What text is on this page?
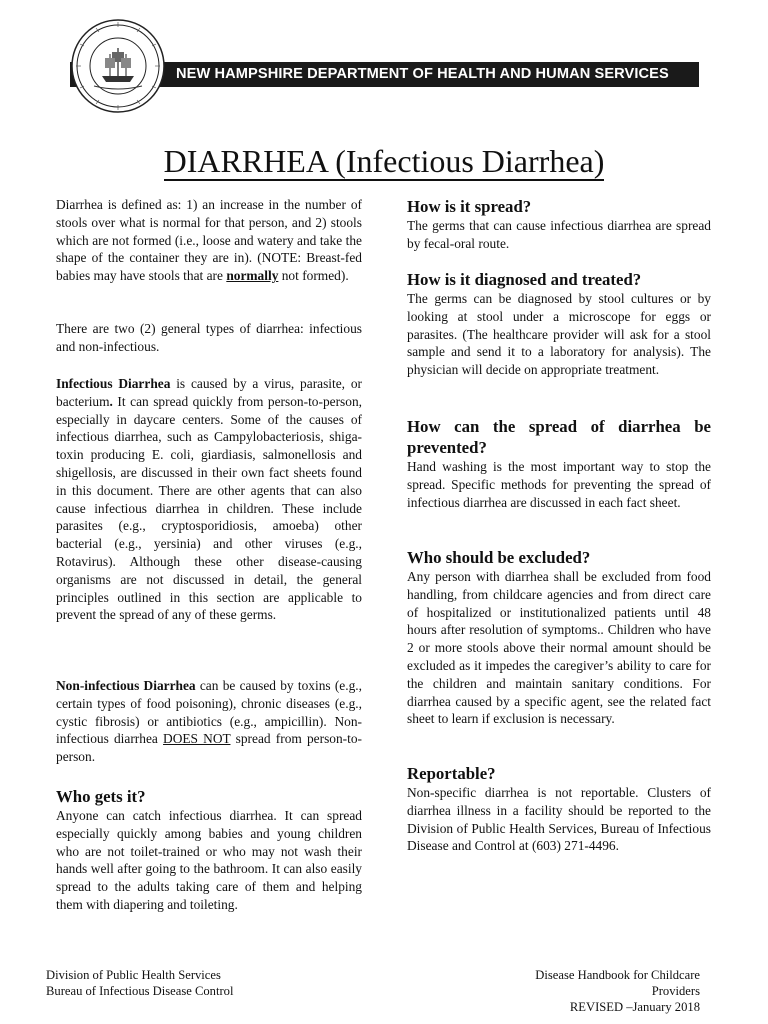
NEW HAMPSHIRE DEPARTMENT OF HEALTH AND HUMAN SERVICES
DIARRHEA (Infectious Diarrhea)

Diarrhea is defined as: 1) an increase in the number of stools over what is normal for that person, and 2) stools which are not formed (i.e., loose and watery and take the shape of the container they are in). (NOTE: Breast-fed babies may have stools that are normally not formed).

There are two (2) general types of diarrhea: infectious and non-infectious.

Infectious Diarrhea is caused by a virus, parasite, or bacterium. It can spread quickly from person-to-person, especially in daycare centers. Some of the causes of infectious diarrhea, such as Campylobacteriosis, shiga-toxin producing E. coli, giardiasis, salmonellosis and shigellosis, are discussed in their own fact sheets found in this document. There are other agents that can also cause infectious diarrhea in children. These include parasites (e.g., cryptosporidiosis, amoeba) other bacterial (e.g., yersinia) and other viruses (e.g., Rotavirus). Although these other disease-causing organisms are not discussed in detail, the general principles outlined in this section are applicable to prevent the spread of any of these germs.

Non-infectious Diarrhea can be caused by toxins (e.g., certain types of food poisoning), chronic diseases (e.g., cystic fibrosis) or antibiotics (e.g., ampicillin). Non-infectious diarrhea DOES NOT spread from person-to-person.

Who gets it?

Anyone can catch infectious diarrhea. It can spread especially quickly among babies and young children who are not toilet-trained or who may not wash their hands well after going to the bathroom. It can also easily spread to the adults taking care of them and helping them with diapering and toileting.

How is it spread?

The germs that can cause infectious diarrhea are spread by fecal-oral route.

How is it diagnosed and treated?

The germs can be diagnosed by stool cultures or by looking at stool under a microscope for eggs or parasites. (The healthcare provider will ask for a stool sample and send it to a laboratory for analysis). The physician will decide on appropriate treatment.

How can the spread of diarrhea be prevented?

Hand washing is the most important way to stop the spread. Specific methods for preventing the spread of infectious diarrhea are discussed in each fact sheet.

Who should be excluded?

Any person with diarrhea shall be excluded from food handling, from childcare agencies and from direct care of hospitalized or institutionalized patients until 48 hours after resolution of symptoms.. Children who have 2 or more stools above their normal amount should be excluded as it impedes the caregiver’s ability to care for the children and maintain sanitary conditions. For diarrhea caused by a specific agent, see the related fact sheet to learn if exclusion is necessary.

Reportable?

Non-specific diarrhea is not reportable. Clusters of diarrhea illness in a facility should be reported to the Division of Public Health Services, Bureau of Infectious Disease and Control at (603) 271-4496.

Division of Public Health Services
Bureau of Infectious Disease Control
Disease Handbook for Childcare Providers
REVISED –January 2018
